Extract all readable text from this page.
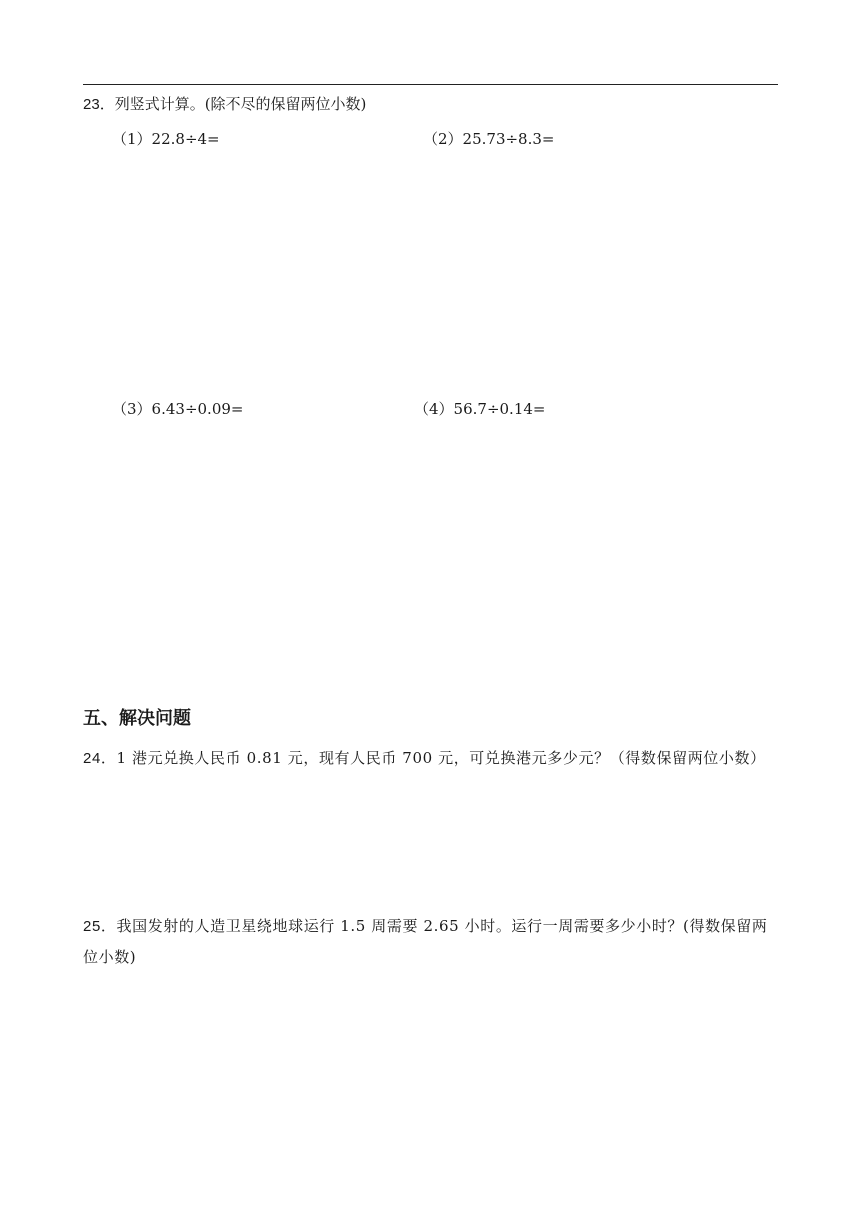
23．列竖式计算。(除不尽的保留两位小数)
（1）22.8÷4=	（2）25.73÷8.3=
（3）6.43÷0.09=	（4）56.7÷0.14=
五、解决问题
24．1 港元兑换人民币 0.81 元，现有人民币 700 元，可兑换港元多少元？（得数保留两位小数）
25．我国发射的人造卫星绕地球运行 1.5 周需要 2.65 小时。运行一周需要多少小时？(得数保留两位小数)
